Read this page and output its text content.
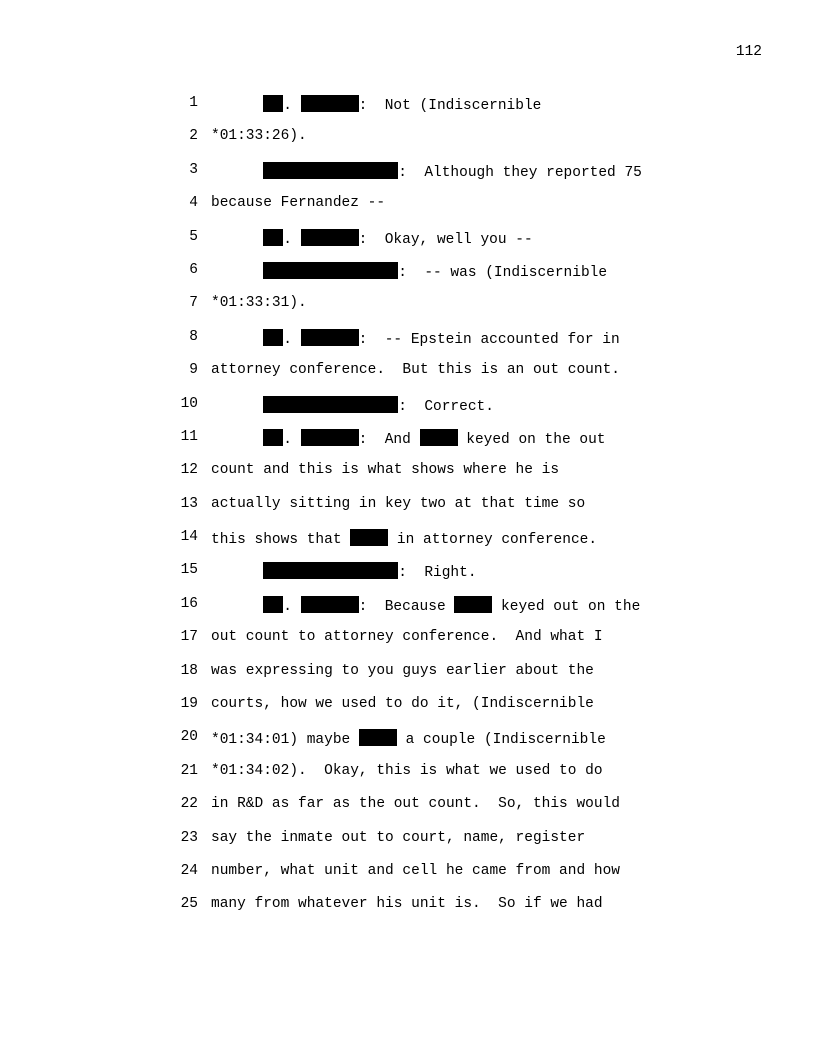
112
1	.	:  Not (Indiscernible
2 *01:33:26).
3	:  Although they reported 75
4 because Fernandez --
5	.	:  Okay, well you --
6	:  -- was (Indiscernible
7 *01:33:31).
8	.	:  -- Epstein accounted for in
9 attorney conference.  But this is an out count.
10	:  Correct.
11	.	:  And	keyed on the out
12 count and this is what shows where he is
13 actually sitting in key two at that time so
14 this shows that	in attorney conference.
15	:  Right.
16	.	:  Because	keyed out on the
17 out count to attorney conference.  And what I
18 was expressing to you guys earlier about the
19 courts, how we used to do it, (Indiscernible
20 *01:34:01) maybe	a couple (Indiscernible
21 *01:34:02).  Okay, this is what we used to do
22 in R&D as far as the out count.  So, this would
23 say the inmate out to court, name, register
24 number, what unit and cell he came from and how
25 many from whatever his unit is.  So if we had
